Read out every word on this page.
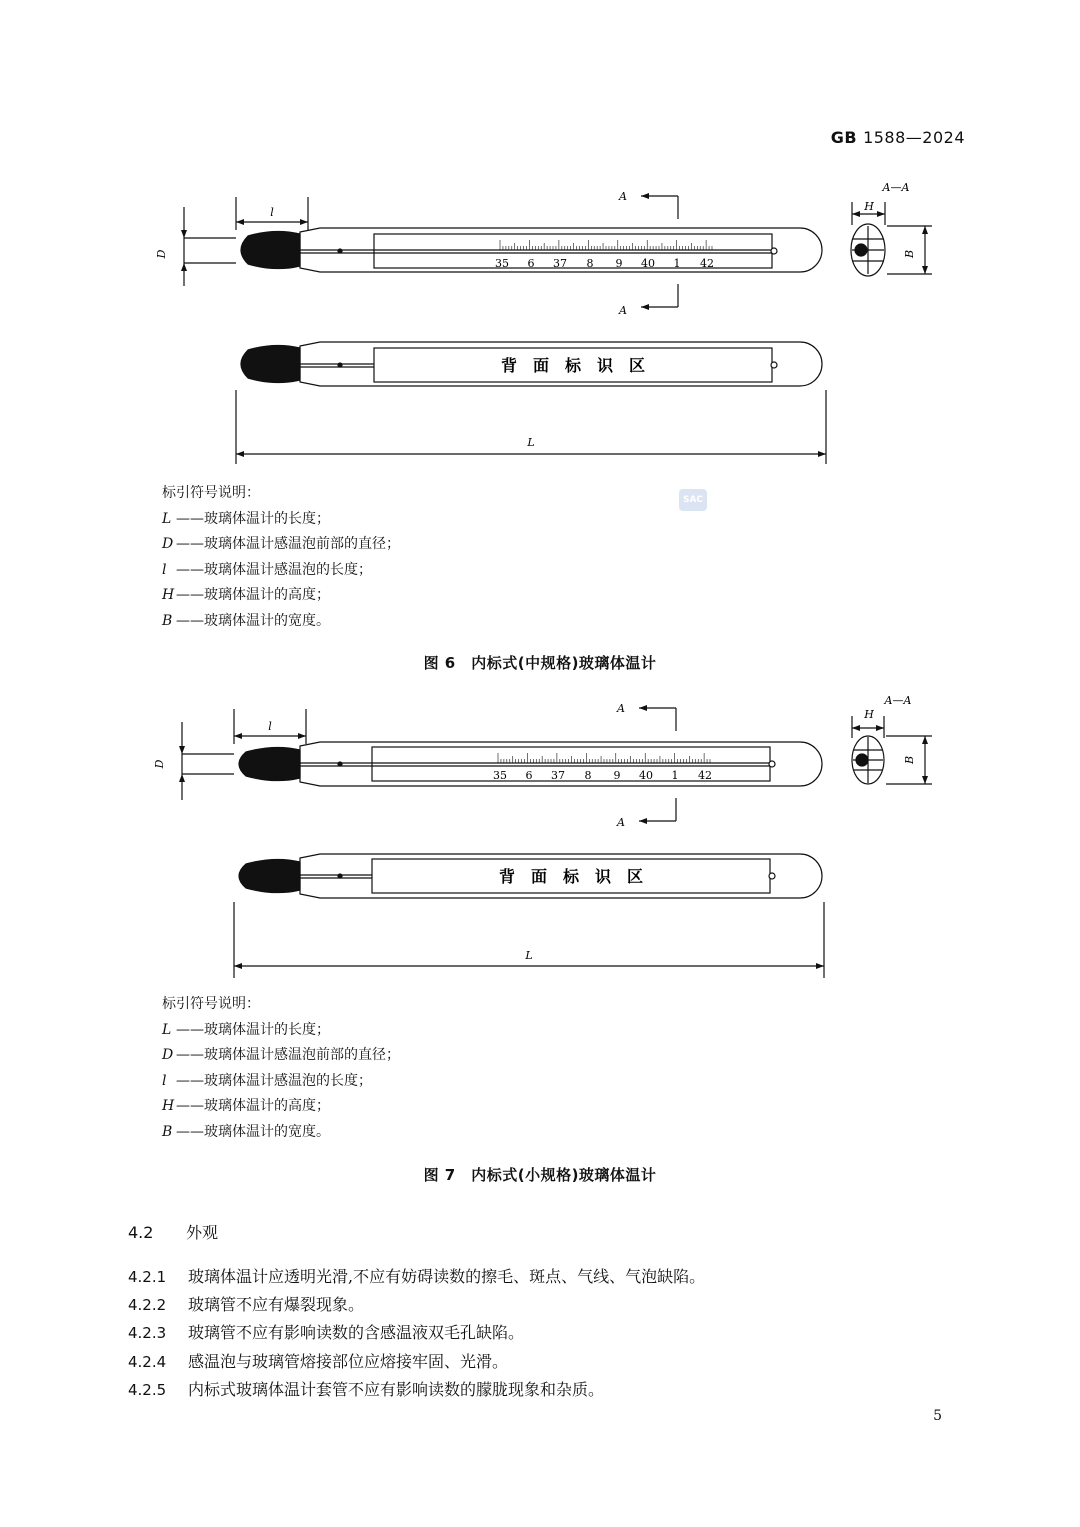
GB 1588—2024
35 6 37 8 9 40 1 42
背　面　标　识　区
l
D
A
A
A—A
H
B
L
SAC
标引符号说明：
L ——玻璃体温计的长度；
D ——玻璃体温计感温泡前部的直径；
l ——玻璃体温计感温泡的长度；
H ——玻璃体温计的高度；
B ——玻璃体温计的宽度。
图 6　内标式(中规格)玻璃体温计
35 6 37 8 9 40 1 42
背　面　标　识　区
l
D
A
A
A—A
H
B
L
标引符号说明：
L ——玻璃体温计的长度；
D ——玻璃体温计感温泡前部的直径；
l ——玻璃体温计感温泡的长度；
H ——玻璃体温计的高度；
B ——玻璃体温计的宽度。
图 7　内标式(小规格)玻璃体温计
4.2 外观
4.2.1 玻璃体温计应透明光滑,不应有妨碍读数的擦毛、斑点、气线、气泡缺陷。
4.2.2 玻璃管不应有爆裂现象。
4.2.3 玻璃管不应有影响读数的含感温液双毛孔缺陷。
4.2.4 感温泡与玻璃管熔接部位应熔接牢固、光滑。
4.2.5 内标式玻璃体温计套管不应有影响读数的朦胧现象和杂质。
5
